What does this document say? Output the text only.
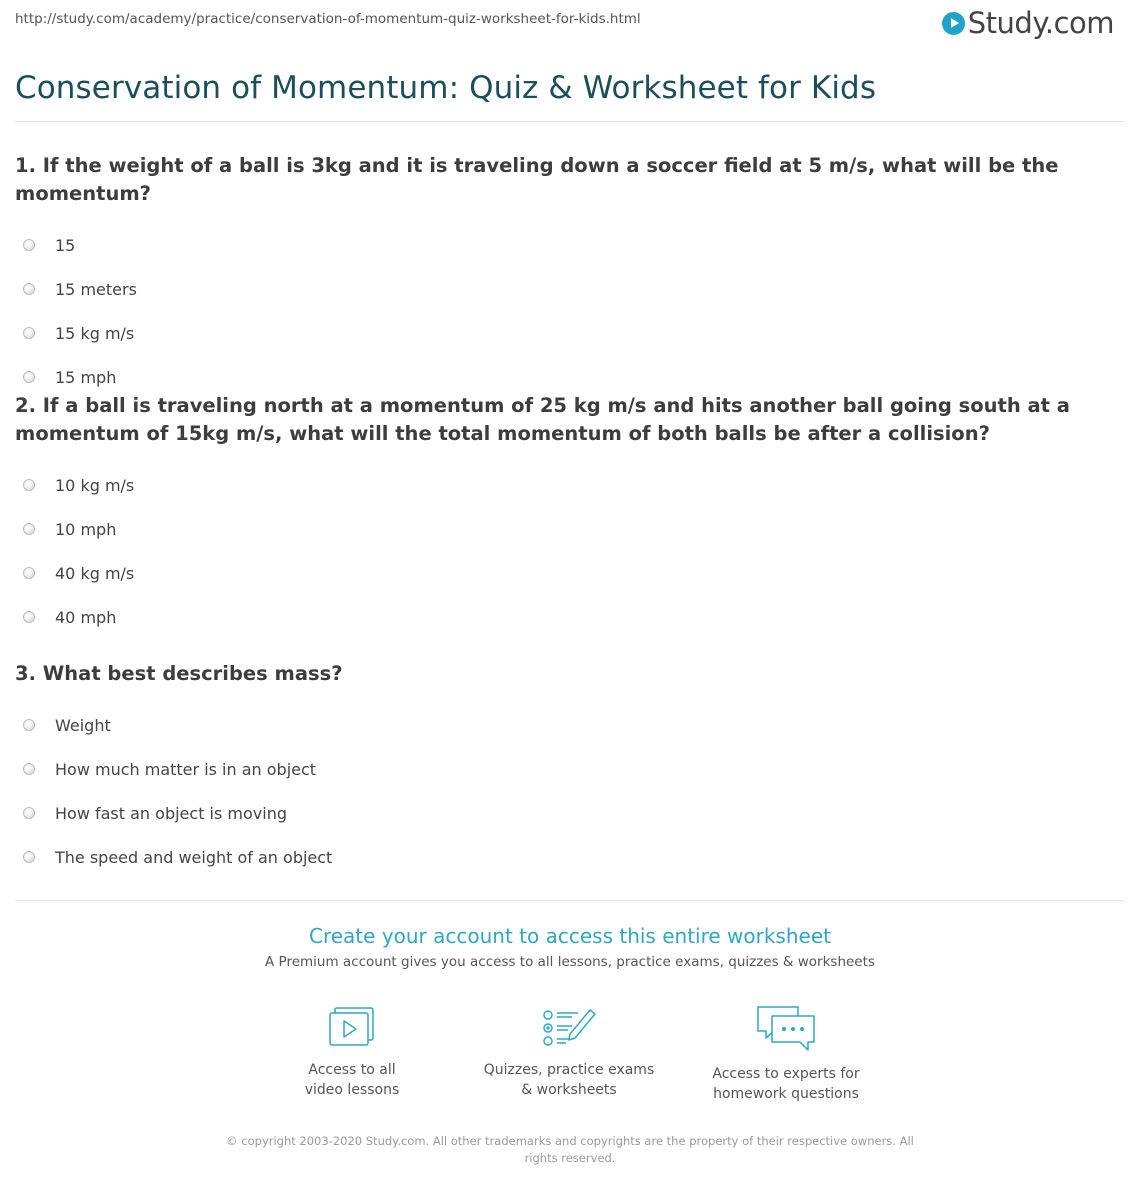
http://study.com/academy/practice/conservation-of-momentum-quiz-worksheet-for-kids.html	Study.com
Conservation of Momentum: Quiz & Worksheet for Kids

1. If the weight of a ball is 3kg and it is traveling down a soccer field at 5 m/s, what will be the momentum?

15
15 meters
15 kg m/s
15 mph

2. If a ball is traveling north at a momentum of 25 kg m/s and hits another ball going south at a momentum of 15kg m/s, what will the total momentum of both balls be after a collision?

10 kg m/s
10 mph
40 kg m/s
40 mph

3. What best describes mass?

Weight
How much matter is in an object
How fast an object is moving
The speed and weight of an object
Create your account to access this entire worksheet
A Premium account gives you access to all lessons, practice exams, quizzes & worksheets
Access to all
video lessons
Quizzes, practice exams
& worksheets
Access to experts for
homework questions
© copyright 2003-2020 Study.com. All other trademarks and copyrights are the property of their respective owners. All rights reserved.
